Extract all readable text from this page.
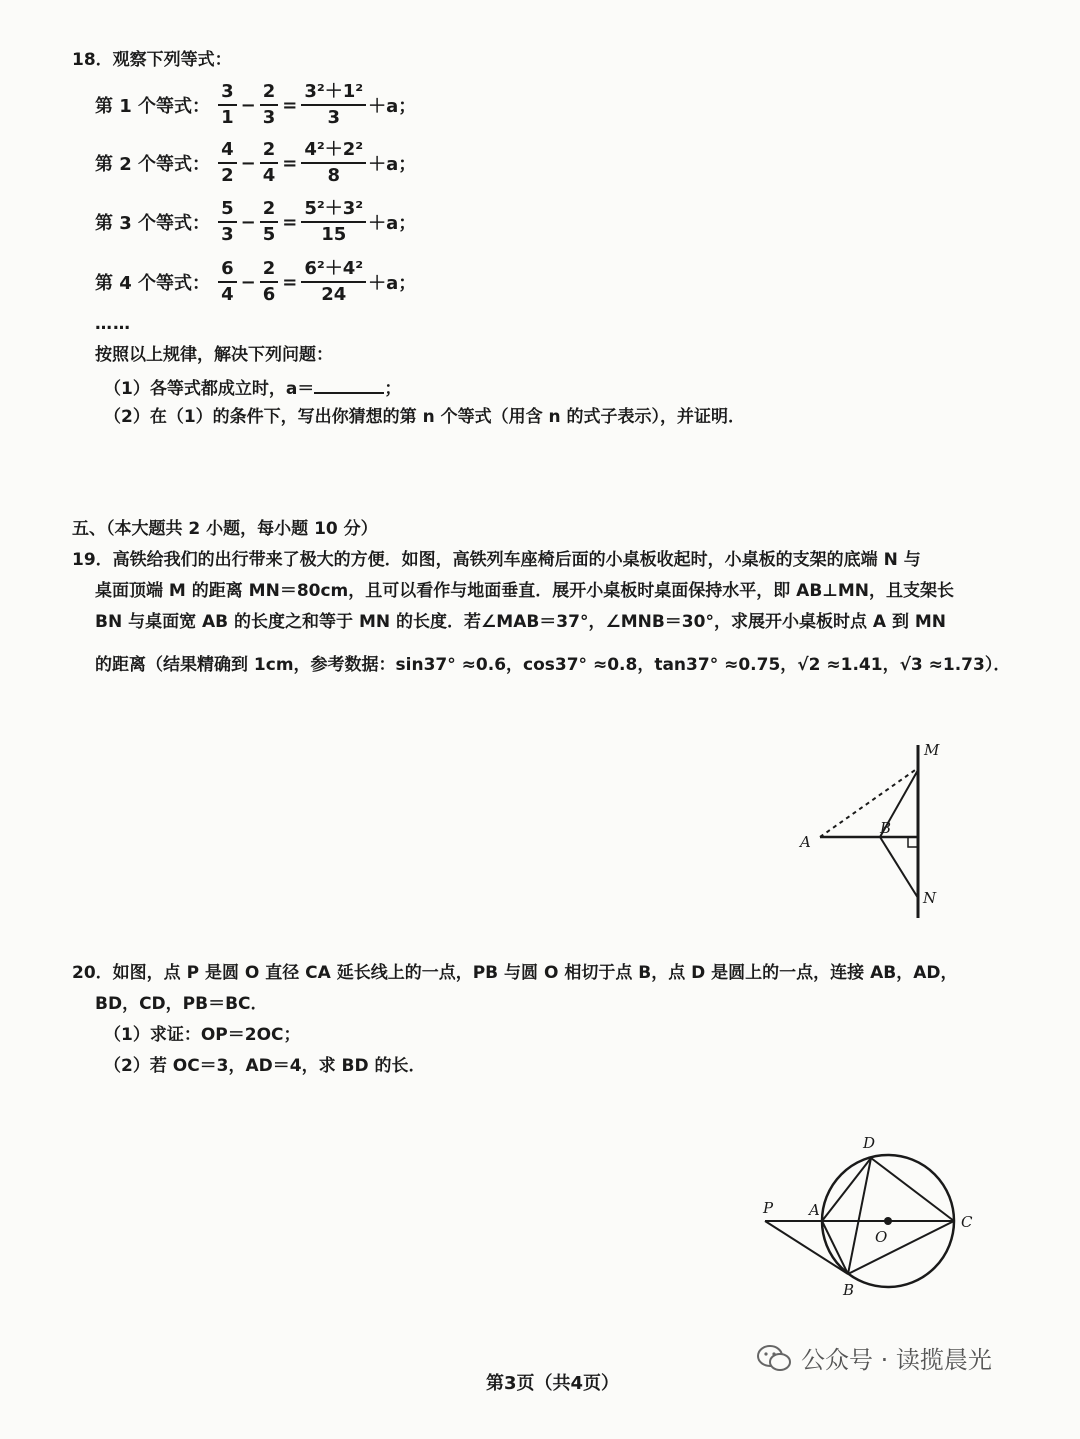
18．观察下列等式：
第 1 个等式： $\frac{3}{1} - \frac{2}{3} = \frac{\text{3²＋1²}}{3} +a$；
第 2 个等式： $\frac{4}{2} - \frac{2}{4} = \frac{\text{4²＋2²}}{8} +a$；
第 3 个等式： $\frac{5}{3} - \frac{2}{5} = \frac{\text{5²＋3²}}{15} +a$；
第 4 个等式： $\frac{6}{4} - \frac{2}{6} = \frac{\text{6²＋4²}}{24} +a$；
……
按照以上规律，解决下列问题：
（1）各等式都成立时，a＝	；
（2）在（1）的条件下，写出你猜想的第 n 个等式（用含 n 的式子表示），并证明．
五、（本大题共 2 小题，每小题 10 分）
19．高铁给我们的出行带来了极大的方便．如图，高铁列车座椅后面的小桌板收起时，小桌板的支架的底端 N 与
桌面顶端 M 的距离 MN＝80cm，且可以看作与地面垂直．展开小桌板时桌面保持水平，即 AB⊥MN，且支架长
BN 与桌面宽 AB 的长度之和等于 MN 的长度．若∠MAB＝37°，∠MNB＝30°，求展开小桌板时点 A 到 MN
的距离（结果精确到 1cm，参考数据：sin37° ≈0.6，cos37° ≈0.8，tan37° ≈0.75，√2 ≈1.41，√3 ≈1.73）．
M
A
B
N
20．如图，点 P 是圆 O 直径 CA 延长线上的一点，PB 与圆 O 相切于点 B，点 D 是圆上的一点，连接 AB，AD，
BD，CD，PB＝BC．
（1）求证：OP＝2OC；
（2）若 OC＝3，AD＝4，求 BD 的长．
D
P A
O
C
B
公众号 · 读揽晨光
第3页（共4页）
